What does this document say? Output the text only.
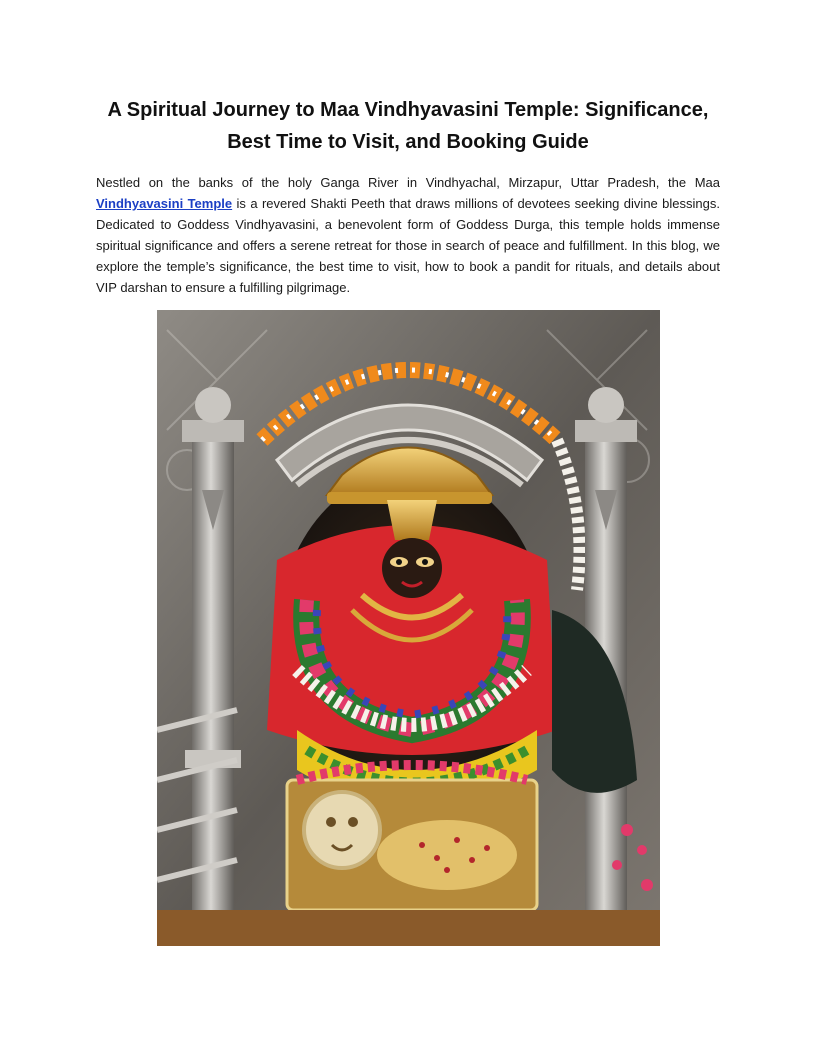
A Spiritual Journey to Maa Vindhyavasini Temple: Significance,
Best Time to Visit, and Booking Guide

Nestled on the banks of the holy Ganga River in Vindhyachal, Mirzapur, Uttar Pradesh, the Maa Vindhyavasini Temple is a revered Shakti Peeth that draws millions of devotees seeking divine blessings. Dedicated to Goddess Vindhyavasini, a benevolent form of Goddess Durga, this temple holds immense spiritual significance and offers a serene retreat for those in search of peace and fulfillment. In this blog, we explore the temple’s significance, the best time to visit, how to book a pandit for rituals, and details about VIP darshan to ensure a fulfilling pilgrimage.
